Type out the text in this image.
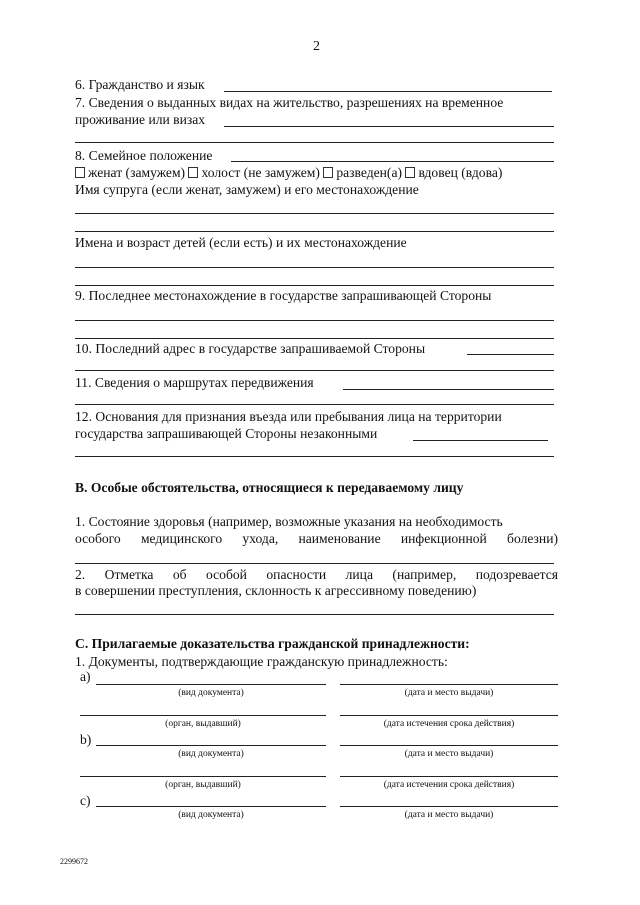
2
6. Гражданство и язык
7. Сведения о выданных видах на жительство, разрешениях на временное
проживание или визах
8. Семейное положение
женат (замужем) холост (не замужем) разведен(а) вдовец (вдова)
Имя супруга (если женат, замужем) и его местонахождение
Имена и возраст детей (если есть) и их местонахождение
9. Последнее местонахождение в государстве запрашивающей Стороны
10. Последний адрес в государстве запрашиваемой Стороны
11. Сведения о маршрутах передвижения
12. Основания для признания въезда или пребывания лица на территории
государства запрашивающей Стороны незаконными
B. Особые обстоятельства, относящиеся к передаваемому лицу
1. Состояние здоровья (например, возможные указания на необходимость
особого медицинского ухода, наименование инфекционной болезни)
2. Отметка об особой опасности лица (например, подозревается
в совершении преступления, склонность к агрессивному поведению)
С. Прилагаемые доказательства гражданской принадлежности:
1. Документы, подтверждающие гражданскую принадлежность:
а)
(вид документа)	(дата и место выдачи)
(орган, выдавший)	(дата истечения срока действия)
b)
(вид документа)	(дата и место выдачи)
(орган, выдавший)	(дата истечения срока действия)
с)
(вид документа)	(дата и место выдачи)
2299672
